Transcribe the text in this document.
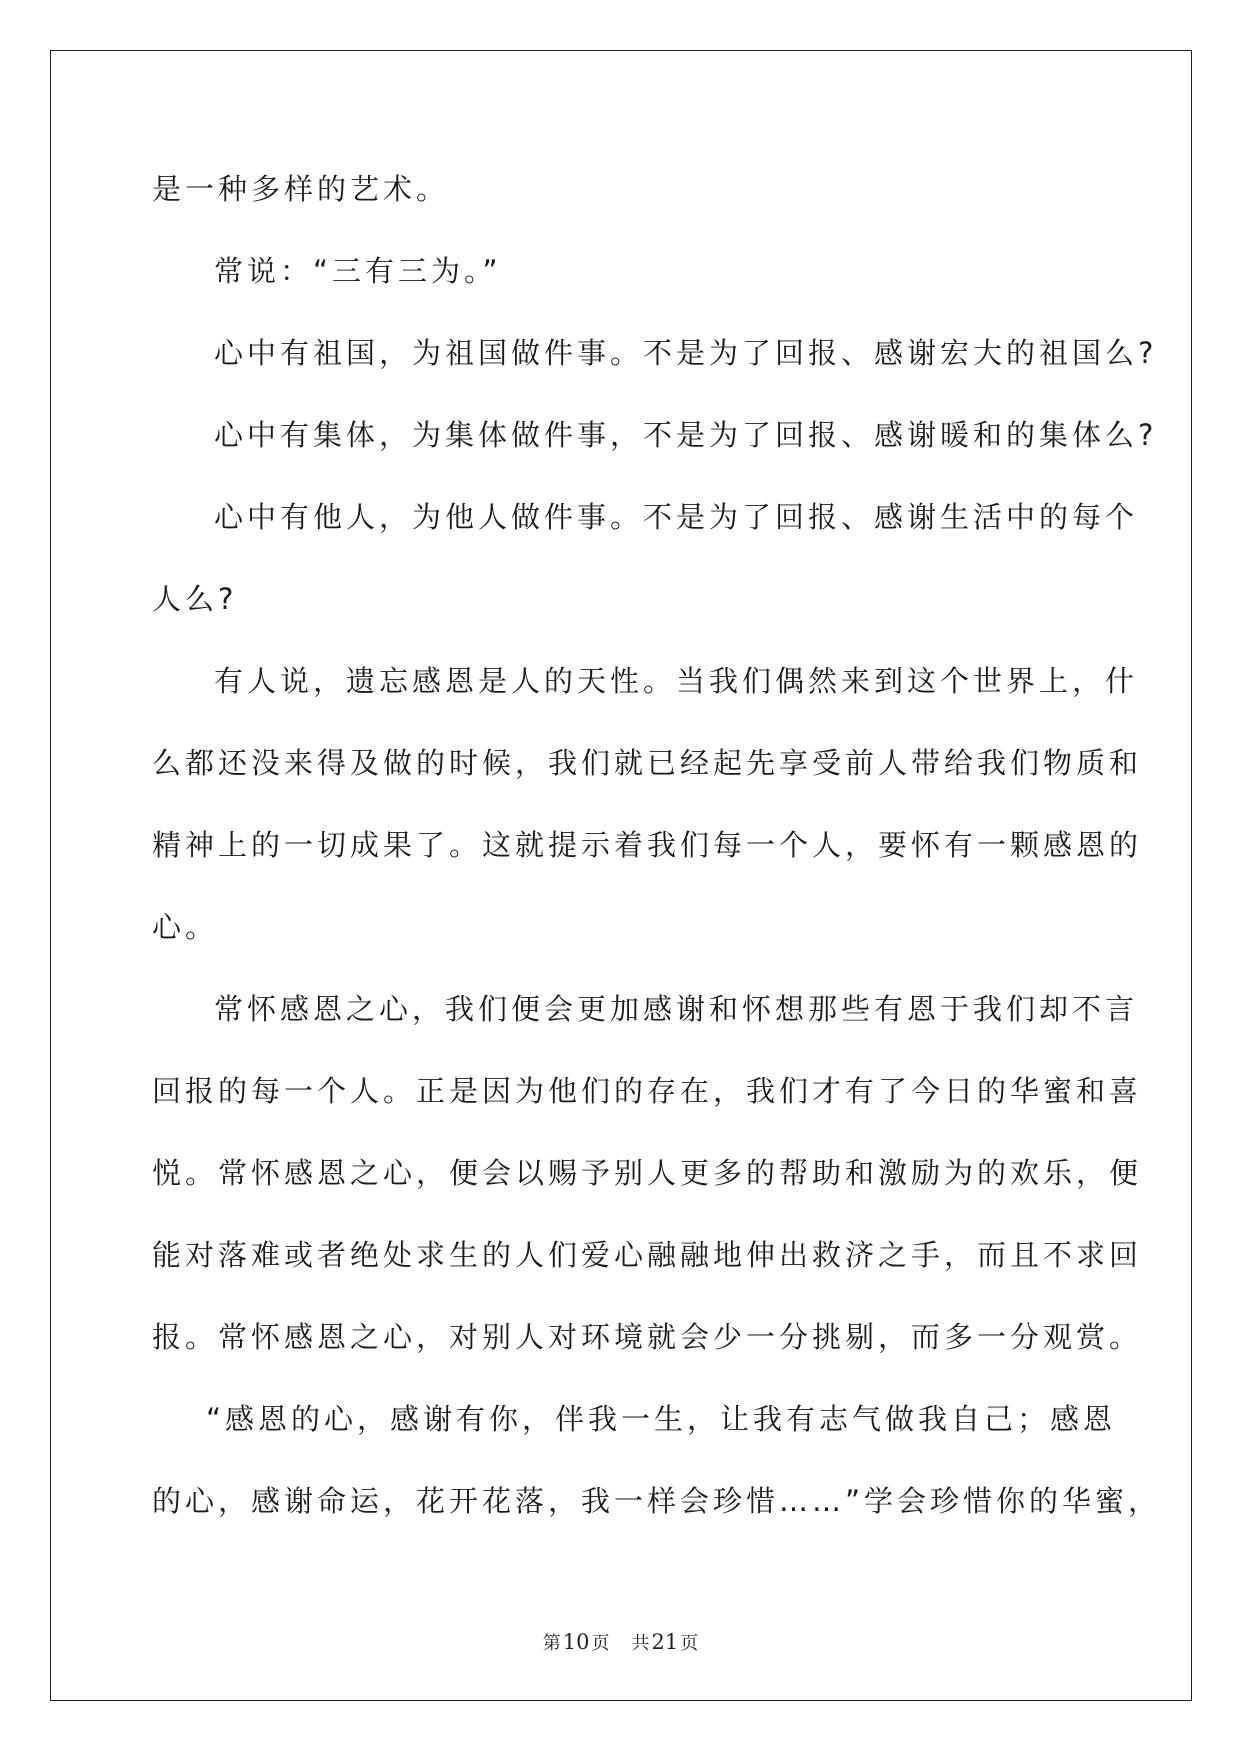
是一种多样的艺术。
常说：“三有三为。”
心中有祖国，为祖国做件事。不是为了回报、感谢宏大的祖国么?
心中有集体，为集体做件事，不是为了回报、感谢暖和的集体么?
心中有他人，为他人做件事。不是为了回报、感谢生活中的每个
人么?
有人说，遗忘感恩是人的天性。当我们偶然来到这个世界上，什
么都还没来得及做的时候，我们就已经起先享受前人带给我们物质和
精神上的一切成果了。这就提示着我们每一个人，要怀有一颗感恩的
心。
常怀感恩之心，我们便会更加感谢和怀想那些有恩于我们却不言
回报的每一个人。正是因为他们的存在，我们才有了今日的华蜜和喜
悦。常怀感恩之心，便会以赐予别人更多的帮助和激励为的欢乐，便
能对落难或者绝处求生的人们爱心融融地伸出救济之手，而且不求回
报。常怀感恩之心，对别人对环境就会少一分挑剔，而多一分观赏。
“感恩的心，感谢有你，伴我一生，让我有志气做我自己；感恩
的心，感谢命运，花开花落，我一样会珍惜……”学会珍惜你的华蜜，
第10 页 共21 页
